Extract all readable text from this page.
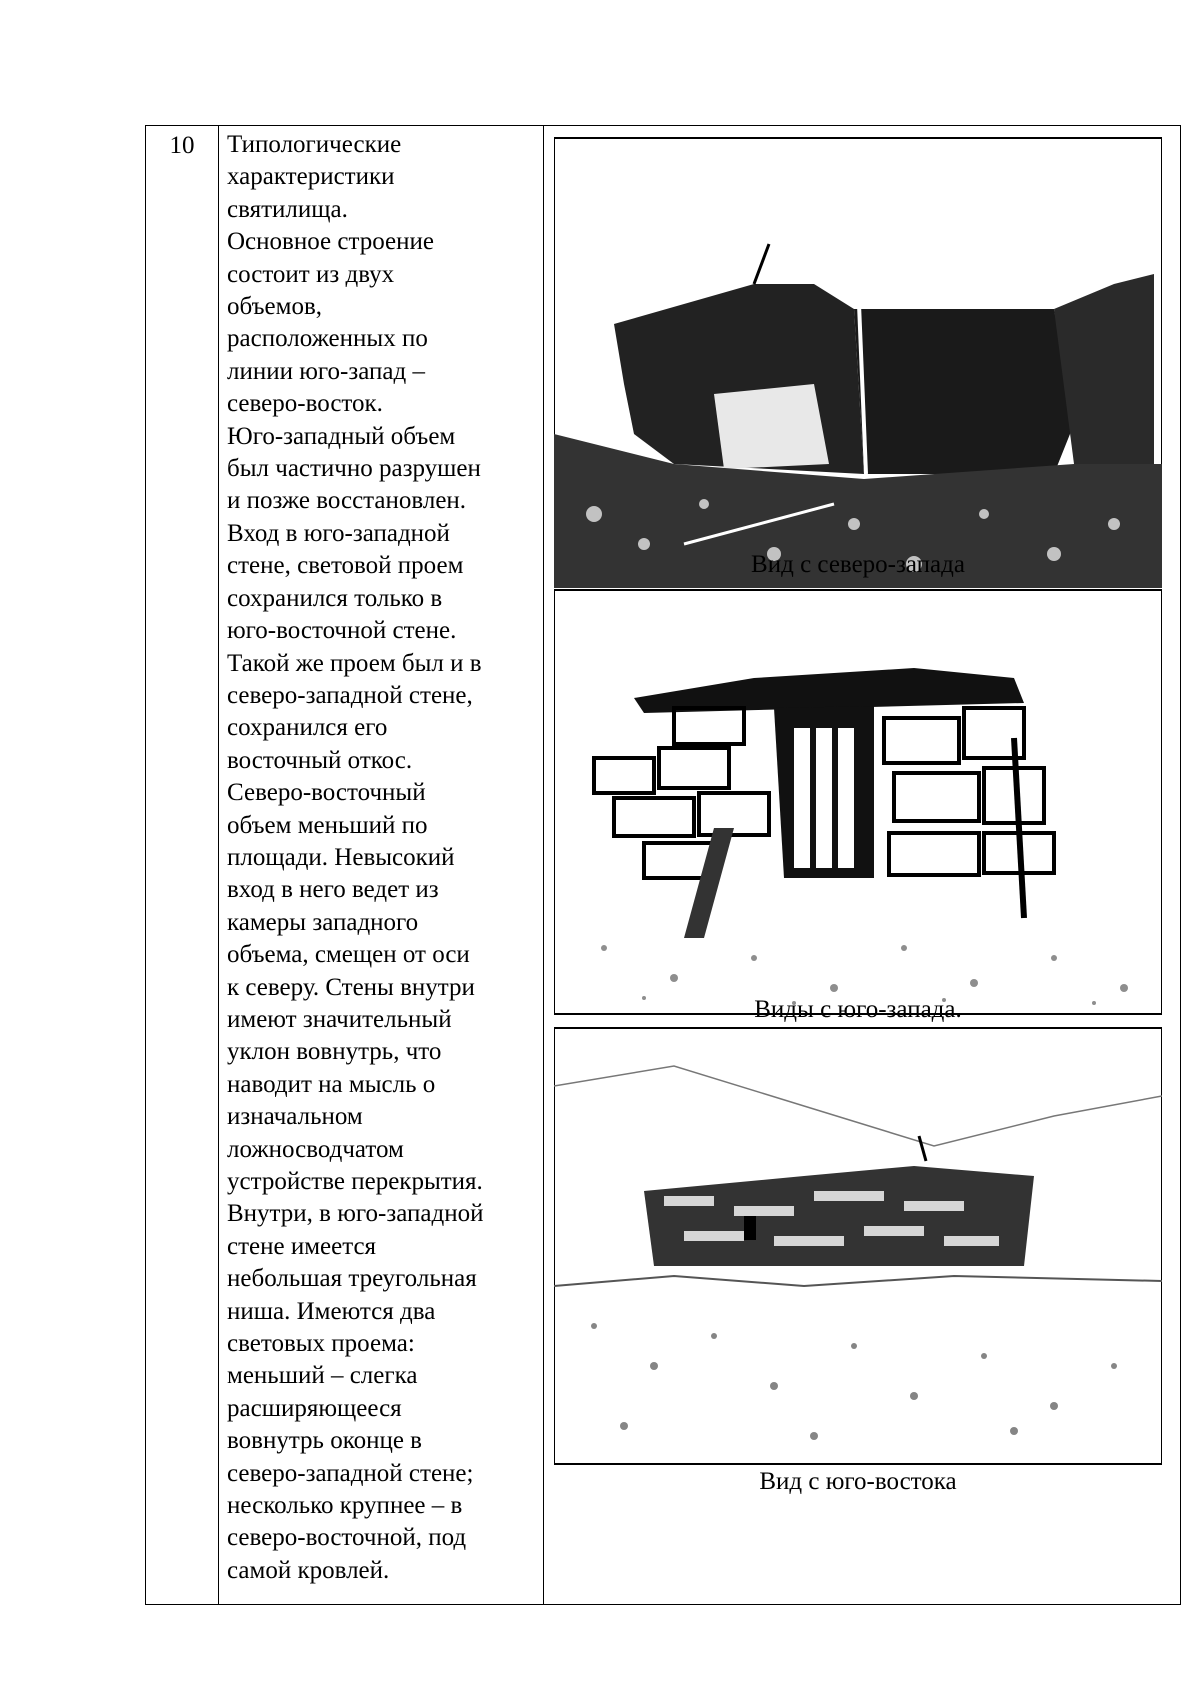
10	Типологические
характеристики
святилища.
Основное строение
состоит из двух
объемов,
расположенных по
линии юго-запад –
северо-восток.
Юго-западный объем
был частично разрушен
и позже восстановлен.
Вход в юго-западной
стене, световой проем
сохранился только в
юго-восточной стене.
Такой же проем был и в
северо-западной стене,
сохранился его
восточный откос.
Северо-восточный
объем меньший по
площади. Невысокий
вход в него ведет из
камеры западного
объема, смещен от оси
к северу. Стены внутри
имеют значительный
уклон вовнутрь, что
наводит на мысль о
изначальном
ложносводчатом
устройстве перекрытия.
Внутри, в юго-западной
стене имеется
небольшая треугольная
ниша. Имеются два
световых проема:
меньший – слегка
расширяющееся
вовнутрь оконце в
северо-западной стене;
несколько крупнее – в
северо-восточной, под
самой кровлей.

Вид с северо-запада
Виды с юго-запада.
Вид с юго-востока
